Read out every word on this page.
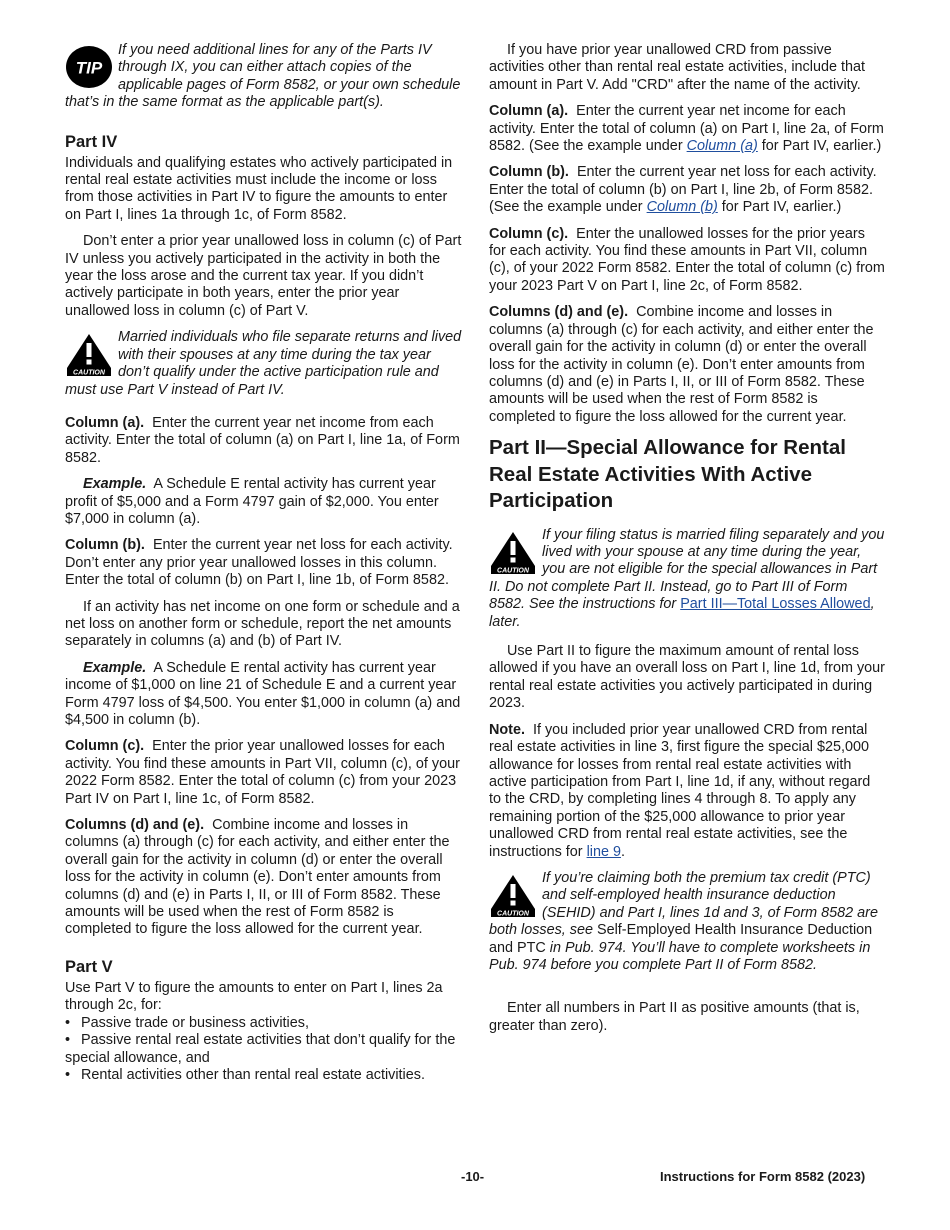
TIP
If you need additional lines for any of the Parts IV through IX, you can either attach copies of the applicable pages of Form 8582, or your own schedule that’s in the same format as the applicable part(s).
Part IV

Individuals and qualifying estates who actively participated in rental real estate activities must include the income or loss from those activities in Part IV to figure the amounts to enter on Part I, lines 1a through 1c, of Form 8582.

Don’t enter a prior year unallowed loss in column (c) of Part IV unless you actively participated in the activity in both the year the loss arose and the current tax year. If you didn’t actively participate in both years, enter the prior year unallowed loss in column (c) of Part V.

CAUTION
Married individuals who file separate returns and lived with their spouses at any time during the tax year don’t qualify under the active participation rule and must use Part V instead of Part IV.

Column (a). Enter the current year net income from each activity. Enter the total of column (a) on Part I, line 1a, of Form 8582.

Example. A Schedule E rental activity has current year profit of $5,000 and a Form 4797 gain of $2,000. You enter $7,000 in column (a).

Column (b). Enter the current year net loss for each activity. Don’t enter any prior year unallowed losses in this column. Enter the total of column (b) on Part I, line 1b, of Form 8582.

If an activity has net income on one form or schedule and a net loss on another form or schedule, report the net amounts separately in columns (a) and (b) of Part IV.

Example. A Schedule E rental activity has current year income of $1,000 on line 21 of Schedule E and a current year Form 4797 loss of $4,500. You enter $1,000 in column (a) and $4,500 in column (b).

Column (c). Enter the prior year unallowed losses for each activity. You find these amounts in Part VII, column (c), of your 2022 Form 8582. Enter the total of column (c) from your 2023 Part IV on Part I, line 1c, of Form 8582.

Columns (d) and (e). Combine income and losses in columns (a) through (c) for each activity, and either enter the overall gain for the activity in column (d) or enter the overall loss for the activity in column (e). Don’t enter amounts from columns (d) and (e) in Parts I, II, or III of Form 8582. These amounts will be used when the rest of Form 8582 is completed to figure the loss allowed for the current year.

Part V

Use Part V to figure the amounts to enter on Part I, lines 2a through 2c, for:

• Passive trade or business activities,

• Passive rental real estate activities that don’t qualify for the special allowance, and

• Rental activities other than rental real estate activities.

If you have prior year unallowed CRD from passive activities other than rental real estate activities, include that amount in Part V. Add "CRD" after the name of the activity.

Column (a). Enter the current year net income for each activity. Enter the total of column (a) on Part I, line 2a, of Form 8582. (See the example under Column (a) for Part IV, earlier.)

Column (b). Enter the current year net loss for each activity. Enter the total of column (b) on Part I, line 2b, of Form 8582. (See the example under Column (b) for Part IV, earlier.)

Column (c). Enter the unallowed losses for the prior years for each activity. You find these amounts in Part VII, column (c), of your 2022 Form 8582. Enter the total of column (c) from your 2023 Part V on Part I, line 2c, of Form 8582.

Columns (d) and (e). Combine income and losses in columns (a) through (c) for each activity, and either enter the overall gain for the activity in column (d) or enter the overall loss for the activity in column (e). Don’t enter amounts from columns (d) and (e) in Parts I, II, or III of Form 8582. These amounts will be used when the rest of Form 8582 is completed to figure the loss allowed for the current year.

Part II—Special Allowance for Rental Real Estate Activities With Active Participation
CAUTION
If your filing status is married filing separately and you lived with your spouse at any time during the year, you are not eligible for the special allowances in Part II. Do not complete Part II. Instead, go to Part III of Form 8582. See the instructions for Part III—Total Losses Allowed, later.

Use Part II to figure the maximum amount of rental loss allowed if you have an overall loss on Part I, line 1d, from your rental real estate activities you actively participated in during 2023.

Note. If you included prior year unallowed CRD from rental real estate activities in line 3, first figure the special $25,000 allowance for losses from rental real estate activities with active participation from Part I, line 1d, if any, without regard to the CRD, by completing lines 4 through 8. To apply any remaining portion of the $25,000 allowance to prior year unallowed CRD from rental real estate activities, see the instructions for line 9.

CAUTION
If you’re claiming both the premium tax credit (PTC) and self-employed health insurance deduction (SEHID) and Part I, lines 1d and 3, of Form 8582 are both losses, see Self-Employed Health Insurance Deduction and PTC in Pub. 974. You’ll have to complete worksheets in Pub. 974 before you complete Part II of Form 8582.

Enter all numbers in Part II as positive amounts (that is, greater than zero).

-10-	Instructions for Form 8582 (2023)
